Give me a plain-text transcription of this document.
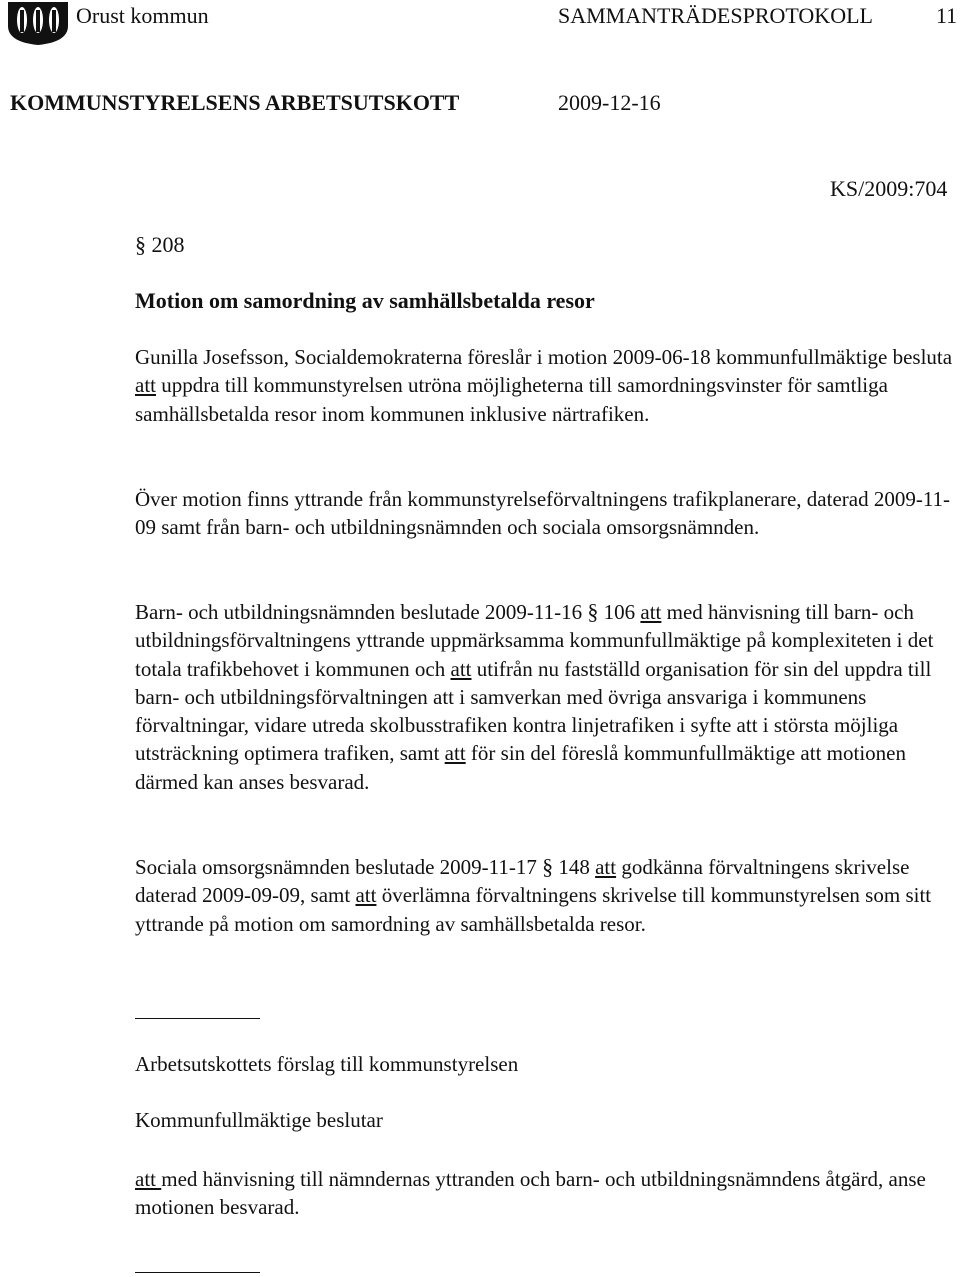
Orust kommun	SAMMANTRÄDESPROTOKOLL	11
KOMMUNSTYRELSENS ARBETSUTSKOTT	2009-12-16
KS/2009:704
§ 208
Motion om samordning av samhällsbetalda resor
Gunilla Josefsson, Socialdemokraterna föreslår i motion 2009-06-18 kommunfullmäktige besluta att uppdra till kommunstyrelsen utröna möjligheterna till samordningsvinster för samtliga samhällsbetalda resor inom kommunen inklusive närtrafiken.
Över motion finns yttrande från kommunstyrelseförvaltningens trafikplanerare, daterad 2009-11-09 samt från barn- och utbildningsnämnden och sociala omsorgsnämnden.
Barn- och utbildningsnämnden beslutade 2009-11-16 § 106 att med hänvisning till barn- och utbildningsförvaltningens yttrande uppmärksamma kommunfullmäktige på komplexiteten i det totala trafikbehovet i kommunen och att utifrån nu fastställd organisation för sin del uppdra till barn- och utbildningsförvaltningen att i samverkan med övriga ansvariga i kommunens förvaltningar, vidare utreda skolbusstrafiken kontra linjetrafiken i syfte att i största möjliga utsträckning optimera trafiken, samt att för sin del föreslå kommunfullmäktige att motionen därmed kan anses besvarad.
Sociala omsorgsnämnden beslutade 2009-11-17 § 148 att godkänna förvaltningens skrivelse daterad 2009-09-09, samt att överlämna förvaltningens skrivelse till kommunstyrelsen som sitt yttrande på motion om samordning av samhällsbetalda resor.
Arbetsutskottets förslag till kommunstyrelsen
Kommunfullmäktige beslutar
att med hänvisning till nämndernas yttranden och barn- och utbildningsnämndens åtgärd, anse motionen besvarad.
